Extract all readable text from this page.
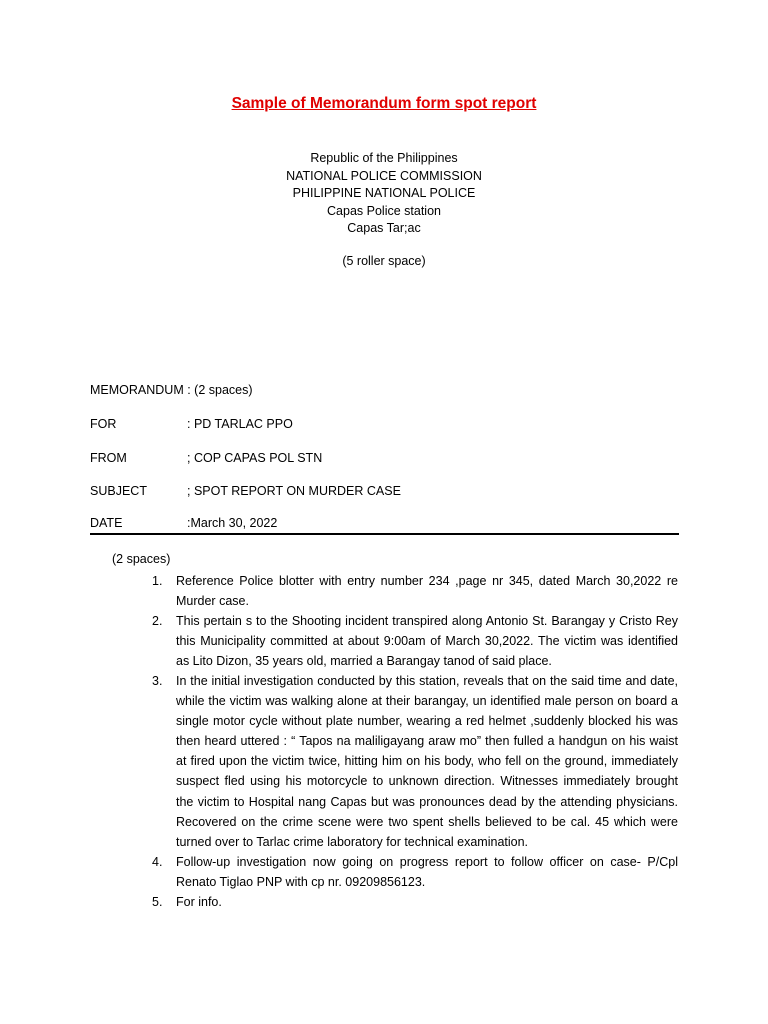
Sample of Memorandum form spot report
Republic of the Philippines
NATIONAL POLICE COMMISSION
PHILIPPINE NATIONAL POLICE
Capas Police station
Capas Tar;ac
(5 roller space)
MEMORANDUM : (2 spaces)
FOR	: PD TARLAC PPO
FROM	; COP CAPAS POL STN
SUBJECT	; SPOT REPORT ON MURDER CASE
DATE	:March 30, 2022
(2 spaces)
1. Reference Police blotter with entry number 234 ,page nr 345, dated March 30,2022 re Murder case.
2. This pertain s to the Shooting incident transpired along Antonio St. Barangay y Cristo Rey this Municipality committed at about 9:00am of March 30,2022. The victim was identified as Lito Dizon, 35 years old, married a Barangay tanod of said place.
3. In the initial investigation conducted by this station, reveals that on the said time and date, while the victim was walking alone at their barangay, un identified male person on board a single motor cycle without plate number, wearing a red helmet ,suddenly blocked his was then heard uttered : “ Tapos na maliligayang araw mo” then fulled a handgun on his waist at fired upon the victim twice, hitting him on his body, who fell on the ground, immediately suspect fled using his motorcycle to unknown direction. Witnesses immediately brought the victim to Hospital nang Capas but was pronounces dead by the attending physicians. Recovered on the crime scene were two spent shells believed to be cal. 45 which were turned over to Tarlac crime laboratory for technical examination.
4. Follow-up investigation now going on progress report to follow officer on case- P/Cpl Renato Tiglao PNP with cp nr. 09209856123.
5. For info.
